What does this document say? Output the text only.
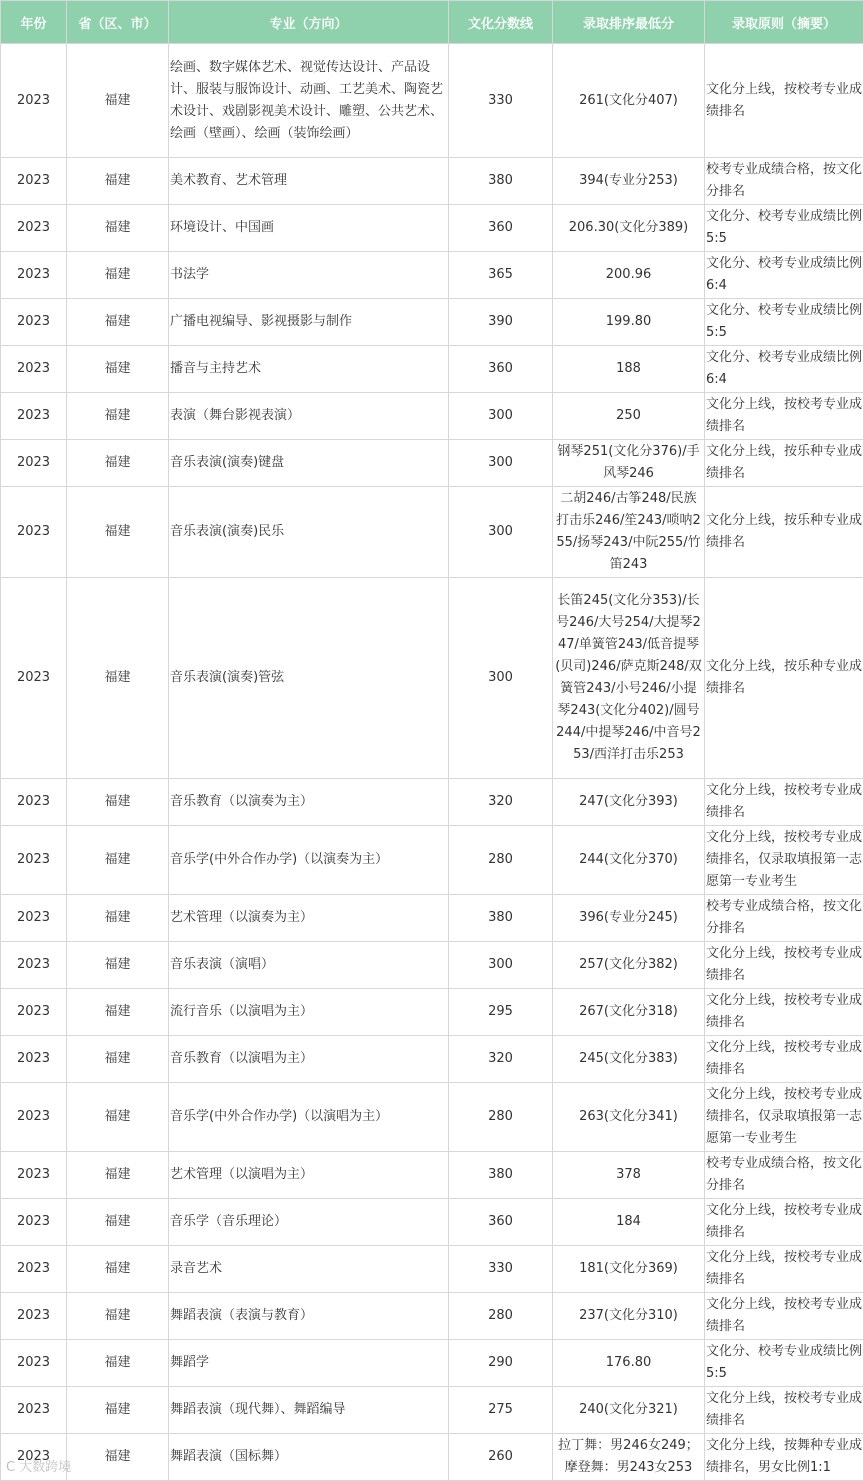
年份	省（区、市）	专业（方向）	文化分数线	录取排序最低分	录取原则（摘要）
2023	福建	绘画、数字媒体艺术、视觉传达设计、产品设计、服装与服饰设计、动画、工艺美术、陶瓷艺术设计、戏剧影视美术设计、雕塑、公共艺术、绘画（壁画）、绘画（装饰绘画）	330	261(文化分407)	文化分上线，按校考专业成绩排名
2023	福建	美术教育、艺术管理	380	394(专业分253)	校考专业成绩合格，按文化分排名
2023	福建	环境设计、中国画	360	206.30(文化分389)	文化分、校考专业成绩比例5:5
2023	福建	书法学	365	200.96	文化分、校考专业成绩比例6:4
2023	福建	广播电视编导、影视摄影与制作	390	199.80	文化分、校考专业成绩比例5:5
2023	福建	播音与主持艺术	360	188	文化分、校考专业成绩比例6:4
2023	福建	表演（舞台影视表演）	300	250	文化分上线，按校考专业成绩排名
2023	福建	音乐表演(演奏)键盘	300	钢琴251(文化分376)/手风琴246	文化分上线，按乐种专业成绩排名
2023	福建	音乐表演(演奏)民乐	300	二胡246/古筝248/民族打击乐246/笙243/唢呐255/扬琴243/中阮255/竹笛243	文化分上线，按乐种专业成绩排名
2023	福建	音乐表演(演奏)管弦	300	长笛245(文化分353)/长号246/大号254/大提琴247/单簧管243/低音提琴(贝司)246/萨克斯248/双簧管243/小号246/小提琴243(文化分402)/圆号244/中提琴246/中音号253/西洋打击乐253	文化分上线，按乐种专业成绩排名
2023	福建	音乐教育（以演奏为主）	320	247(文化分393)	文化分上线，按校考专业成绩排名
2023	福建	音乐学(中外合作办学)（以演奏为主）	280	244(文化分370)	文化分上线，按校考专业成绩排名，仅录取填报第一志愿第一专业考生
2023	福建	艺术管理（以演奏为主）	380	396(专业分245)	校考专业成绩合格，按文化分排名
2023	福建	音乐表演（演唱）	300	257(文化分382)	文化分上线，按校考专业成绩排名
2023	福建	流行音乐（以演唱为主）	295	267(文化分318)	文化分上线，按校考专业成绩排名
2023	福建	音乐教育（以演唱为主）	320	245(文化分383)	文化分上线，按校考专业成绩排名
2023	福建	音乐学(中外合作办学)（以演唱为主）	280	263(文化分341)	文化分上线，按校考专业成绩排名，仅录取填报第一志愿第一专业考生
2023	福建	艺术管理（以演唱为主）	380	378	校考专业成绩合格，按文化分排名
2023	福建	音乐学（音乐理论）	360	184	文化分上线，按校考专业成绩排名
2023	福建	录音艺术	330	181(文化分369)	文化分上线，按校考专业成绩排名
2023	福建	舞蹈表演（表演与教育）	280	237(文化分310)	文化分上线，按校考专业成绩排名
2023	福建	舞蹈学	290	176.80	文化分、校考专业成绩比例5:5
2023	福建	舞蹈表演（现代舞）、舞蹈编导	275	240(文化分321)	文化分上线，按校考专业成绩排名
2023	福建	舞蹈表演（国标舞）	260	拉丁舞：男246女249；摩登舞：男243女253	文化分上线，按舞种专业成绩排名，男女比例1:1
C 大数跨境
